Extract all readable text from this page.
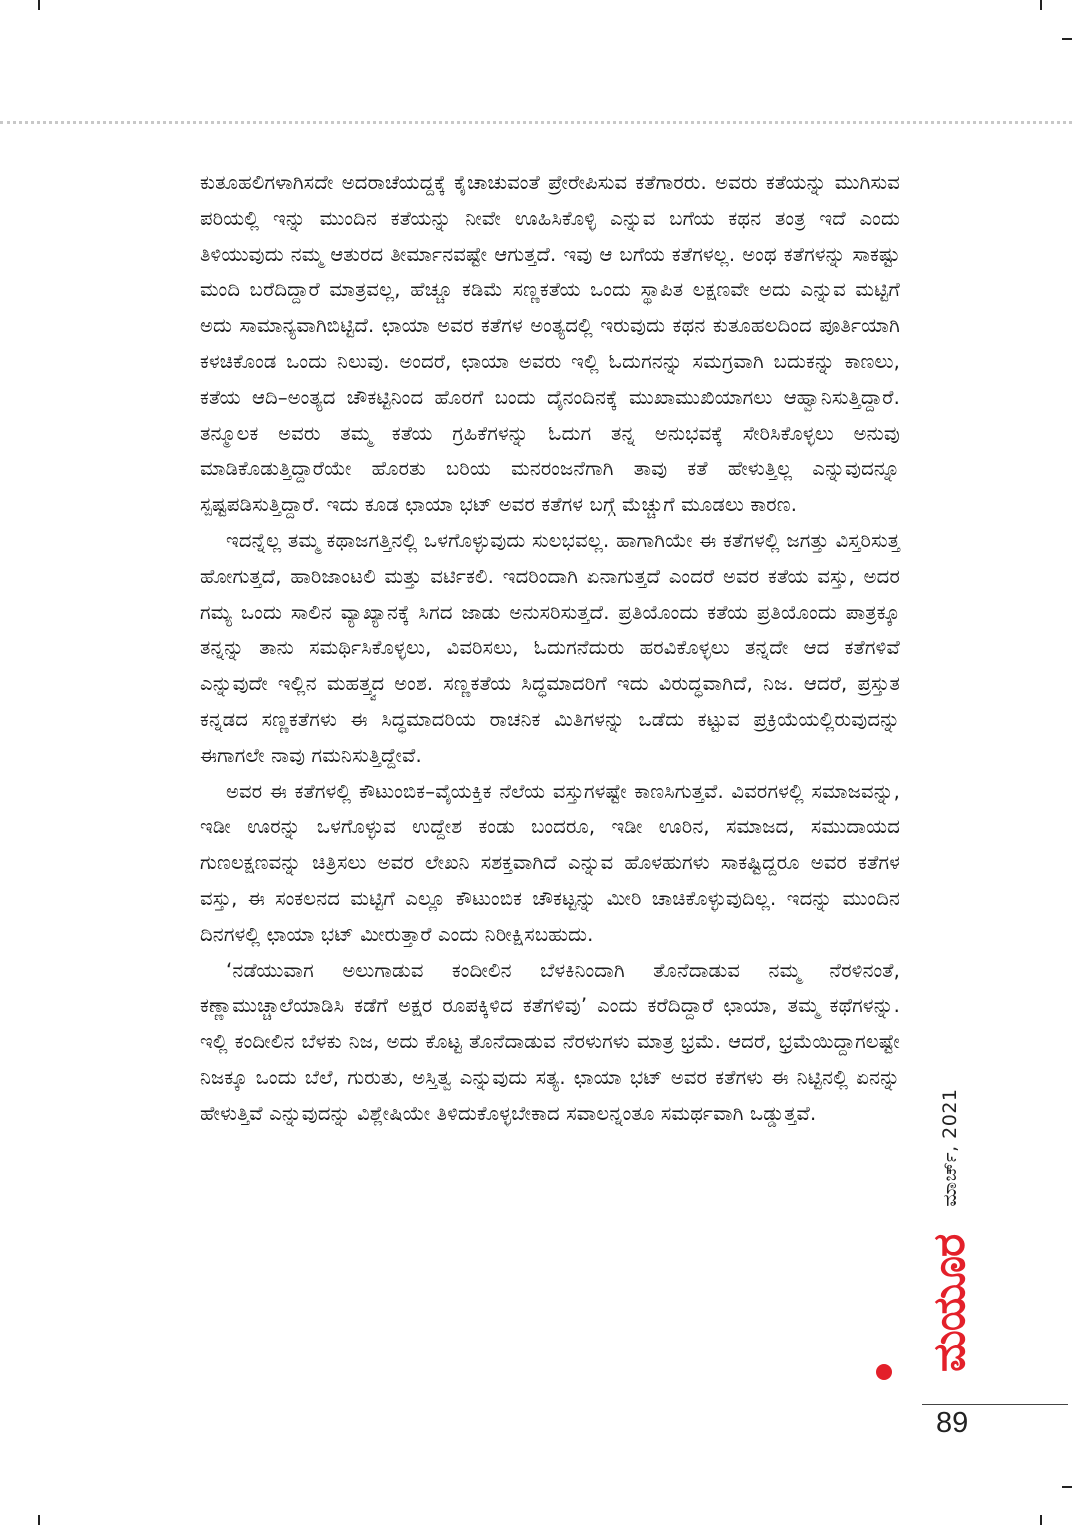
ಕುತೂಹಲಿಗಳಾಗಿಸದೇ ಅದರಾಚೆಯದ್ದಕ್ಕೆ ಕೈಚಾಚುವಂತೆ ಪ್ರೇರೇಪಿಸುವ ಕತೆಗಾರರು. ಅವರು ಕತೆಯನ್ನು ಮುಗಿಸುವ ಪರಿಯಲ್ಲಿ ಇನ್ನು ಮುಂದಿನ ಕತೆಯನ್ನು ನೀವೇ ಊಹಿಸಿಕೊಳ್ಳಿ ಎನ್ನುವ ಬಗೆಯ ಕಥನ ತಂತ್ರ ಇದೆ ಎಂದು ತಿಳಿಯುವುದು ನಮ್ಮ ಆತುರದ ತೀರ್ಮಾನವಷ್ಟೇ ಆಗುತ್ತದೆ. ಇವು ಆ ಬಗೆಯ ಕತೆಗಳಲ್ಲ. ಅಂಥ ಕತೆಗಳನ್ನು ಸಾಕಷ್ಟು ಮಂದಿ ಬರೆದಿದ್ದಾರೆ ಮಾತ್ರವಲ್ಲ, ಹೆಚ್ಚೂ ಕಡಿಮೆ ಸಣ್ಣಕತೆಯ ಒಂದು ಸ್ಥಾಪಿತ ಲಕ್ಷಣವೇ ಅದು ಎನ್ನುವ ಮಟ್ಟಿಗೆ ಅದು ಸಾಮಾನ್ಯವಾಗಿಬಿಟ್ಟಿದೆ. ಛಾಯಾ ಅವರ ಕತೆಗಳ ಅಂತ್ಯದಲ್ಲಿ ಇರುವುದು ಕಥನ ಕುತೂಹಲದಿಂದ ಪೂರ್ತಿಯಾಗಿ ಕಳಚಿಕೊಂಡ ಒಂದು ನಿಲುವು. ಅಂದರೆ, ಛಾಯಾ ಅವರು ಇಲ್ಲಿ ಓದುಗನನ್ನು ಸಮಗ್ರವಾಗಿ ಬದುಕನ್ನು ಕಾಣಲು, ಕತೆಯ ಆದಿ–ಅಂತ್ಯದ ಚೌಕಟ್ಟಿನಿಂದ ಹೊರಗೆ ಬಂದು ದೈನಂದಿನಕ್ಕೆ ಮುಖಾಮುಖಿಯಾಗಲು ಆಹ್ವಾನಿಸುತ್ತಿದ್ದಾರೆ. ತನ್ಮೂಲಕ ಅವರು ತಮ್ಮ ಕತೆಯ ಗ್ರಹಿಕೆಗಳನ್ನು ಓದುಗ ತನ್ನ ಅನುಭವಕ್ಕೆ ಸೇರಿಸಿಕೊಳ್ಳಲು ಅನುವು ಮಾಡಿಕೊಡುತ್ತಿದ್ದಾರೆಯೇ ಹೊರತು ಬರಿಯ ಮನರಂಜನೆಗಾಗಿ ತಾವು ಕತೆ ಹೇಳುತ್ತಿಲ್ಲ ಎನ್ನುವುದನ್ನೂ ಸ್ಪಷ್ಟಪಡಿಸುತ್ತಿದ್ದಾರೆ. ಇದು ಕೂಡ ಛಾಯಾ ಭಟ್ ಅವರ ಕತೆಗಳ ಬಗ್ಗೆ ಮೆಚ್ಚುಗೆ ಮೂಡಲು ಕಾರಣ.

ಇದನ್ನೆಲ್ಲ ತಮ್ಮ ಕಥಾಜಗತ್ತಿನಲ್ಲಿ ಒಳಗೊಳ್ಳುವುದು ಸುಲಭವಲ್ಲ. ಹಾಗಾಗಿಯೇ ಈ ಕತೆಗಳಲ್ಲಿ ಜಗತ್ತು ವಿಸ್ತರಿಸುತ್ತ ಹೋಗುತ್ತದೆ, ಹಾರಿಜಾಂಟಲಿ ಮತ್ತು ವರ್ಟಿಕಲಿ. ಇದರಿಂದಾಗಿ ಏನಾಗುತ್ತದೆ ಎಂದರೆ ಅವರ ಕತೆಯ ವಸ್ತು, ಅದರ ಗಮ್ಯ ಒಂದು ಸಾಲಿನ ವ್ಯಾಖ್ಯಾನಕ್ಕೆ ಸಿಗದ ಜಾಡು ಅನುಸರಿಸುತ್ತದೆ. ಪ್ರತಿಯೊಂದು ಕತೆಯ ಪ್ರತಿಯೊಂದು ಪಾತ್ರಕ್ಕೂ ತನ್ನನ್ನು ತಾನು ಸಮರ್ಥಿಸಿಕೊಳ್ಳಲು, ವಿವರಿಸಲು, ಓದುಗನೆದುರು ಹರವಿಕೊಳ್ಳಲು ತನ್ನದೇ ಆದ ಕತೆಗಳಿವೆ ಎನ್ನುವುದೇ ಇಲ್ಲಿನ ಮಹತ್ತ್ವದ ಅಂಶ. ಸಣ್ಣಕತೆಯ ಸಿದ್ಧಮಾದರಿಗೆ ಇದು ವಿರುದ್ಧವಾಗಿದೆ, ನಿಜ. ಆದರೆ, ಪ್ರಸ್ತುತ ಕನ್ನಡದ ಸಣ್ಣಕತೆಗಳು ಈ ಸಿದ್ಧಮಾದರಿಯ ರಾಚನಿಕ ಮಿತಿಗಳನ್ನು ಒಡೆದು ಕಟ್ಟುವ ಪ್ರಕ್ರಿಯೆಯಲ್ಲಿರುವುದನ್ನು ಈಗಾಗಲೇ ನಾವು ಗಮನಿಸುತ್ತಿದ್ದೇವೆ.

ಅವರ ಈ ಕತೆಗಳಲ್ಲಿ ಕೌಟುಂಬಿಕ–ವೈಯಕ್ತಿಕ ನೆಲೆಯ ವಸ್ತುಗಳಷ್ಟೇ ಕಾಣಸಿಗುತ್ತವೆ. ವಿವರಗಳಲ್ಲಿ ಸಮಾಜವನ್ನು, ಇಡೀ ಊರನ್ನು ಒಳಗೊಳ್ಳುವ ಉದ್ದೇಶ ಕಂಡು ಬಂದರೂ, ಇಡೀ ಊರಿನ, ಸಮಾಜದ, ಸಮುದಾಯದ ಗುಣಲಕ್ಷಣವನ್ನು ಚಿತ್ರಿಸಲು ಅವರ ಲೇಖನಿ ಸಶಕ್ತವಾಗಿದೆ ಎನ್ನುವ ಹೊಳಹುಗಳು ಸಾಕಷ್ಟಿದ್ದರೂ ಅವರ ಕತೆಗಳ ವಸ್ತು, ಈ ಸಂಕಲನದ ಮಟ್ಟಿಗೆ ಎಲ್ಲೂ ಕೌಟುಂಬಿಕ ಚೌಕಟ್ಟನ್ನು ಮೀರಿ ಚಾಚಿಕೊಳ್ಳುವುದಿಲ್ಲ. ಇದನ್ನು ಮುಂದಿನ ದಿನಗಳಲ್ಲಿ ಛಾಯಾ ಭಟ್ ಮೀರುತ್ತಾರೆ ಎಂದು ನಿರೀಕ್ಷಿಸಬಹುದು.

‘ನಡೆಯುವಾಗ ಅಲುಗಾಡುವ ಕಂದೀಲಿನ ಬೆಳಕಿನಿಂದಾಗಿ ತೊನೆದಾಡುವ ನಮ್ಮ ನೆರಳಿನಂತೆ, ಕಣ್ಣಾಮುಚ್ಚಾಲೆಯಾಡಿಸಿ ಕಡೆಗೆ ಅಕ್ಷರ ರೂಪಕ್ಕಿಳಿದ ಕತೆಗಳಿವು’ ಎಂದು ಕರೆದಿದ್ದಾರೆ ಛಾಯಾ, ತಮ್ಮ ಕಥೆಗಳನ್ನು. ಇಲ್ಲಿ ಕಂದೀಲಿನ ಬೆಳಕು ನಿಜ, ಅದು ಕೊಟ್ಟ ತೊನೆದಾಡುವ ನೆರಳುಗಳು ಮಾತ್ರ ಭ್ರಮೆ. ಆದರೆ, ಭ್ರಮೆಯಿದ್ದಾಗಲಷ್ಟೇ ನಿಜಕ್ಕೂ ಒಂದು ಬೆಲೆ, ಗುರುತು, ಅಸ್ತಿತ್ವ ಎನ್ನುವುದು ಸತ್ಯ. ಛಾಯಾ ಭಟ್ ಅವರ ಕತೆಗಳು ಈ ನಿಟ್ಟಿನಲ್ಲಿ ಏನನ್ನು ಹೇಳುತ್ತಿವೆ ಎನ್ನುವುದನ್ನು ವಿಶ್ಲೇಷಿಯೇ ತಿಳಿದುಕೊಳ್ಳಬೇಕಾದ ಸವಾಲನ್ನಂತೂ ಸಮರ್ಥವಾಗಿ ಒಡ್ಡುತ್ತವೆ.

ಮಯೂರ
ಮಾರ್ಚ್, 2021
89
